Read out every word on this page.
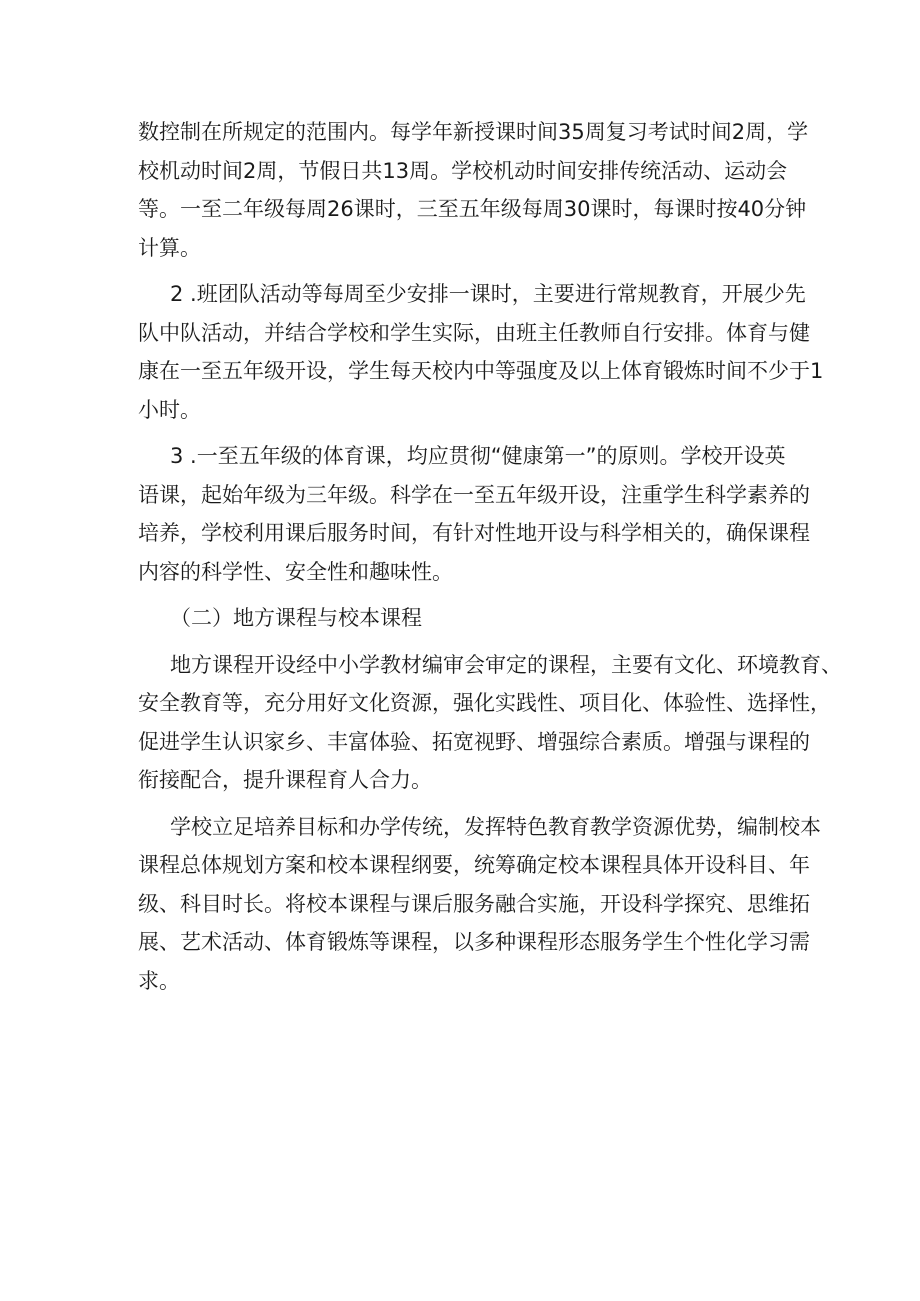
数控制在所规定的范围内。每学年新授课时间35周复习考试时间2周，学
校机动时间2周，节假日共13周。学校机动时间安排传统活动、运动会
等。一至二年级每周26课时，三至五年级每周30课时，每课时按40分钟
计算。
2 .班团队活动等每周至少安排一课时，主要进行常规教育，开展少先
队中队活动，并结合学校和学生实际，由班主任教师自行安排。体育与健
康在一至五年级开设，学生每天校内中等强度及以上体育锻炼时间不少于1
小时。
3 .一至五年级的体育课，均应贯彻“健康第一”的原则。学校开设英
语课，起始年级为三年级。科学在一至五年级开设，注重学生科学素养的
培养，学校利用课后服务时间，有针对性地开设与科学相关的，确保课程
内容的科学性、安全性和趣味性。
（二）地方课程与校本课程
地方课程开设经中小学教材编审会审定的课程，主要有文化、环境教育、
安全教育等，充分用好文化资源，强化实践性、项目化、体验性、选择性，
促进学生认识家乡、丰富体验、拓宽视野、增强综合素质。增强与课程的
衔接配合，提升课程育人合力。
学校立足培养目标和办学传统，发挥特色教育教学资源优势，编制校本
课程总体规划方案和校本课程纲要，统筹确定校本课程具体开设科目、年
级、科目时长。将校本课程与课后服务融合实施，开设科学探究、思维拓
展、艺术活动、体育锻炼等课程，以多种课程形态服务学生个性化学习需
求。
